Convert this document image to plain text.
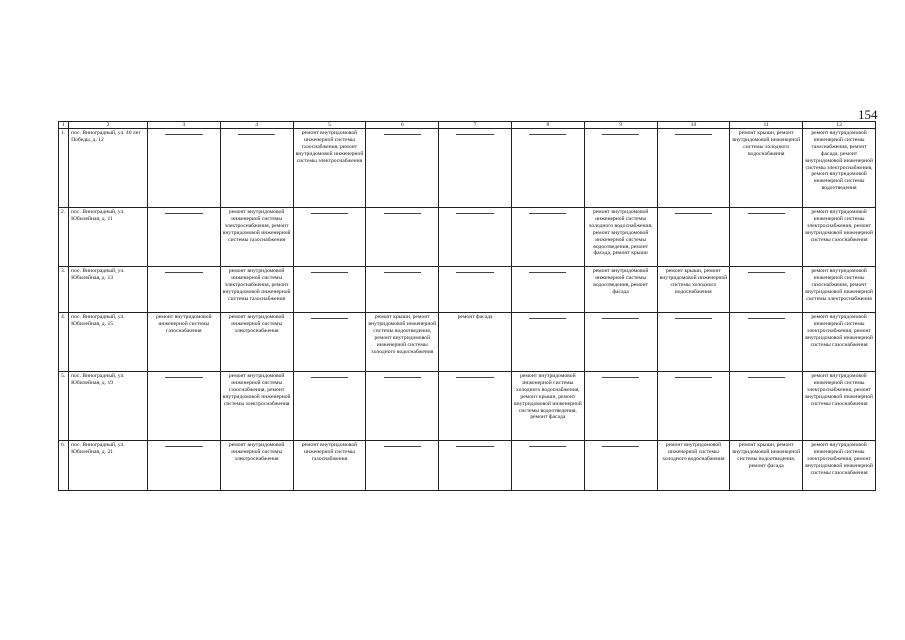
154
1	2	3	4	5	6	7	8	9	10	11	12
1.	пос. Виноградный, ул. 40 лет Победы, д. 12			ремонт внутридомовой инженерной системы газоснабжения, ремонт внутридомовой инженерной системы электроснабжения						ремонт крыши, ремонт внутридомовой инженерной системы холодного водоснабжения	ремонт внутридомовой инженерной системы газоснабжения, ремонт фасада, ремонт внутридомовой инженерной системы электроснабжения, ремонт внутридомовой инженерной системы водоотведения
2.	пос. Виноградный, ул. Юбилейная, д. 11		ремонт внутридомовой инженерной системы электроснабжения, ремонт внутридомовой инженерной системы газоснабжения					ремонт внутридомовой инженерной системы холодного водоснабжения, ремонт внутридомовой инженерной системы водоотведения, ремонт фасада, ремонт крыши			ремонт внутридомовой инженерной системы электроснабжения, ремонт внутридомовой инженерной системы газоснабжения
3.	пос. Виноградный, ул. Юбилейная, д. 13		ремонт внутридомовой инженерной системы электроснабжения, ремонт внутридомовой инженерной системы газоснабжения					ремонт внутридомовой инженерной системы водоотведения, ремонт фасада	ремонт крыши, ремонт внутридомовой инженерной системы холодного водоснабжения		ремонт внутридомовой инженерной системы газоснабжения, ремонт внутридомовой инженерной системы электроснабжения
4.	пос. Виноградный, ул. Юбилейная, д. 15	ремонт внутридомовой инженерной системы газоснабжения	ремонт внутридомовой инженерной системы электроснабжения		ремонт крыши, ремонт внутридомовой инженерной системы водоотведения, ремонт внутридомовой инженерной системы холодного водоснабжения	ремонт фасада					ремонт внутридомовой инженерной системы электроснабжения, ремонт внутридомовой инженерной системы газоснабжения
5.	пос. Виноградный, ул. Юбилейная, д. 19		ремонт внутридомовой инженерной системы газоснабжения, ремонт внутридомовой инженерной системы электроснабжения				ремонт внутридомовой инженерной системы холодного водоснабжения, ремонт крыши, ремонт внутридомовой инженерной системы водоотведения, ремонт фасада				ремонт внутридомовой инженерной системы электроснабжения, ремонт внутридомовой инженерной системы газоснабжения
6.	пос. Виноградный, ул. Юбилейная, д. 21		ремонт внутридомовой инженерной системы электроснабжения	ремонт внутридомовой инженерной системы газоснабжения					ремонт внутридомовой инженерной системы холодного водоснабжения	ремонт крыши, ремонт внутридомовой инженерной системы водоотведения, ремонт фасада	ремонт внутридомовой инженерной системы электроснабжения, ремонт внутридомовой инженерной системы газоснабжения
